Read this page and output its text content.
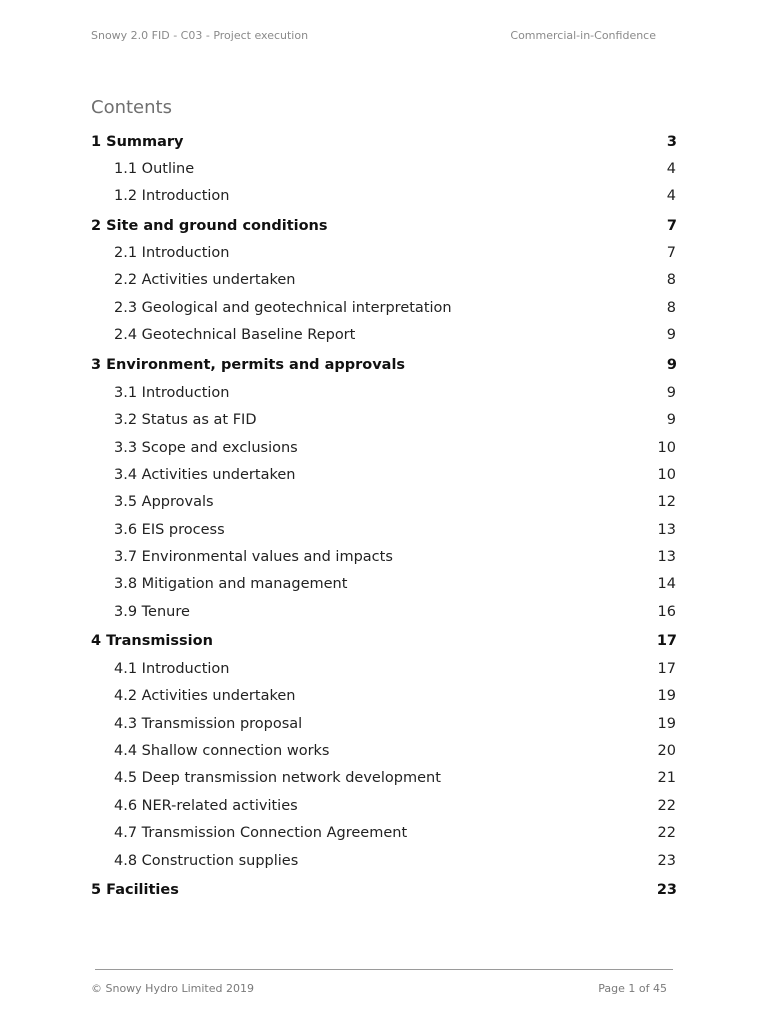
Snowy 2.0 FID - C03 - Project execution	Commercial-in-Confidence
Contents
1 Summary	3
1.1 Outline	4
1.2 Introduction	4
2 Site and ground conditions	7
2.1 Introduction	7
2.2 Activities undertaken	8
2.3 Geological and geotechnical interpretation	8
2.4 Geotechnical Baseline Report	9
3 Environment, permits and approvals	9
3.1 Introduction	9
3.2 Status as at FID	9
3.3 Scope and exclusions	10
3.4 Activities undertaken	10
3.5 Approvals	12
3.6 EIS process	13
3.7 Environmental values and impacts	13
3.8 Mitigation and management	14
3.9 Tenure	16
4 Transmission	17
4.1 Introduction	17
4.2 Activities undertaken	19
4.3 Transmission proposal	19
4.4 Shallow connection works	20
4.5 Deep transmission network development	21
4.6 NER-related activities	22
4.7 Transmission Connection Agreement	22
4.8 Construction supplies	23
5 Facilities	23
© Snowy Hydro Limited 2019	Page 1 of 45
